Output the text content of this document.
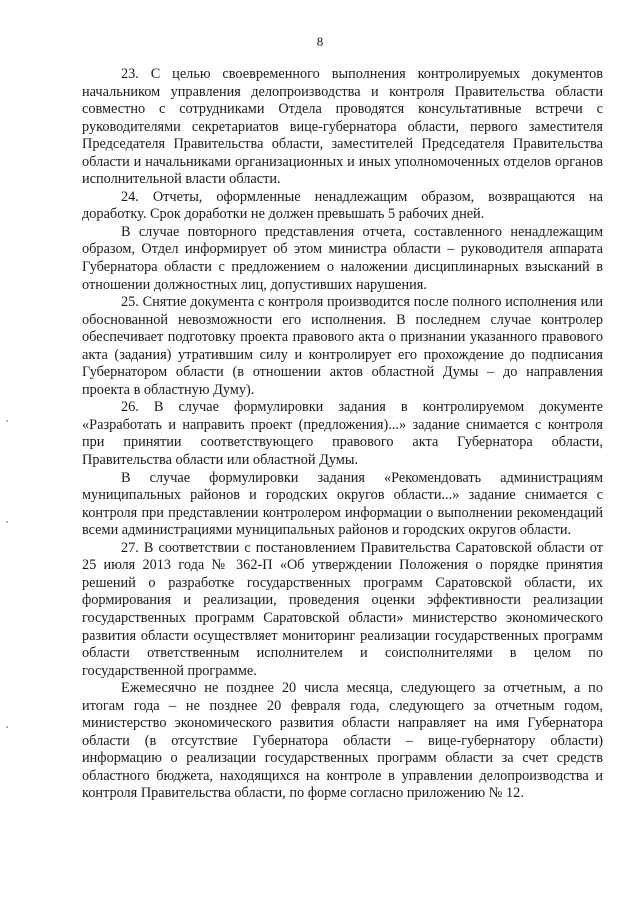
8

23. С целью своевременного выполнения контролируемых документов начальником управления делопроизводства и контроля Правительства области совместно с сотрудниками Отдела проводятся консультативные встречи с руководителями секретариатов вице-губернатора области, первого заместителя Председателя Правительства области, заместителей Председателя Правительства области и начальниками организационных и иных уполномоченных отделов органов исполнительной власти области.

24. Отчеты, оформленные ненадлежащим образом, возвращаются на доработку. Срок доработки не должен превышать 5 рабочих дней.

В случае повторного представления отчета, составленного ненадлежащим образом, Отдел информирует об этом министра области – руководителя аппарата Губернатора области с предложением о наложении дисциплинарных взысканий в отношении должностных лиц, допустивших нарушения.

25. Снятие документа с контроля производится после полного исполнения или обоснованной невозможности его исполнения. В последнем случае контролер обеспечивает подготовку проекта правового акта о признании указанного правового акта (задания) утратившим силу и контролирует его прохождение до подписания Губернатором области (в отношении актов областной Думы – до направления проекта в областную Думу).

26. В случае формулировки задания в контролируемом документе «Разработать и направить проект (предложения)...» задание снимается с контроля при принятии соответствующего правового акта Губернатора области, Правительства области или областной Думы.

В случае формулировки задания «Рекомендовать администрациям муниципальных районов и городских округов области...» задание снимается с контроля при представлении контролером информации о выполнении рекомендаций всеми администрациями муниципальных районов и городских округов области.

27. В соответствии с постановлением Правительства Саратовской области от 25 июля 2013 года № 362-П «Об утверждении Положения о порядке принятия решений о разработке государственных программ Саратовской области, их формирования и реализации, проведения оценки эффективности реализации государственных программ Саратовской области» министерство экономического развития области осуществляет мониторинг реализации государственных программ области ответственным исполнителем и соисполнителями в целом по государственной программе.

Ежемесячно не позднее 20 числа месяца, следующего за отчетным, а по итогам года – не позднее 20 февраля года, следующего за отчетным годом, министерство экономического развития области направляет на имя Губернатора области (в отсутствие Губернатора области – вице-губернатору области) информацию о реализации государственных программ области за счет средств областного бюджета, находящихся на контроле в управлении делопроизводства и контроля Правительства области, по форме согласно приложению № 12.
